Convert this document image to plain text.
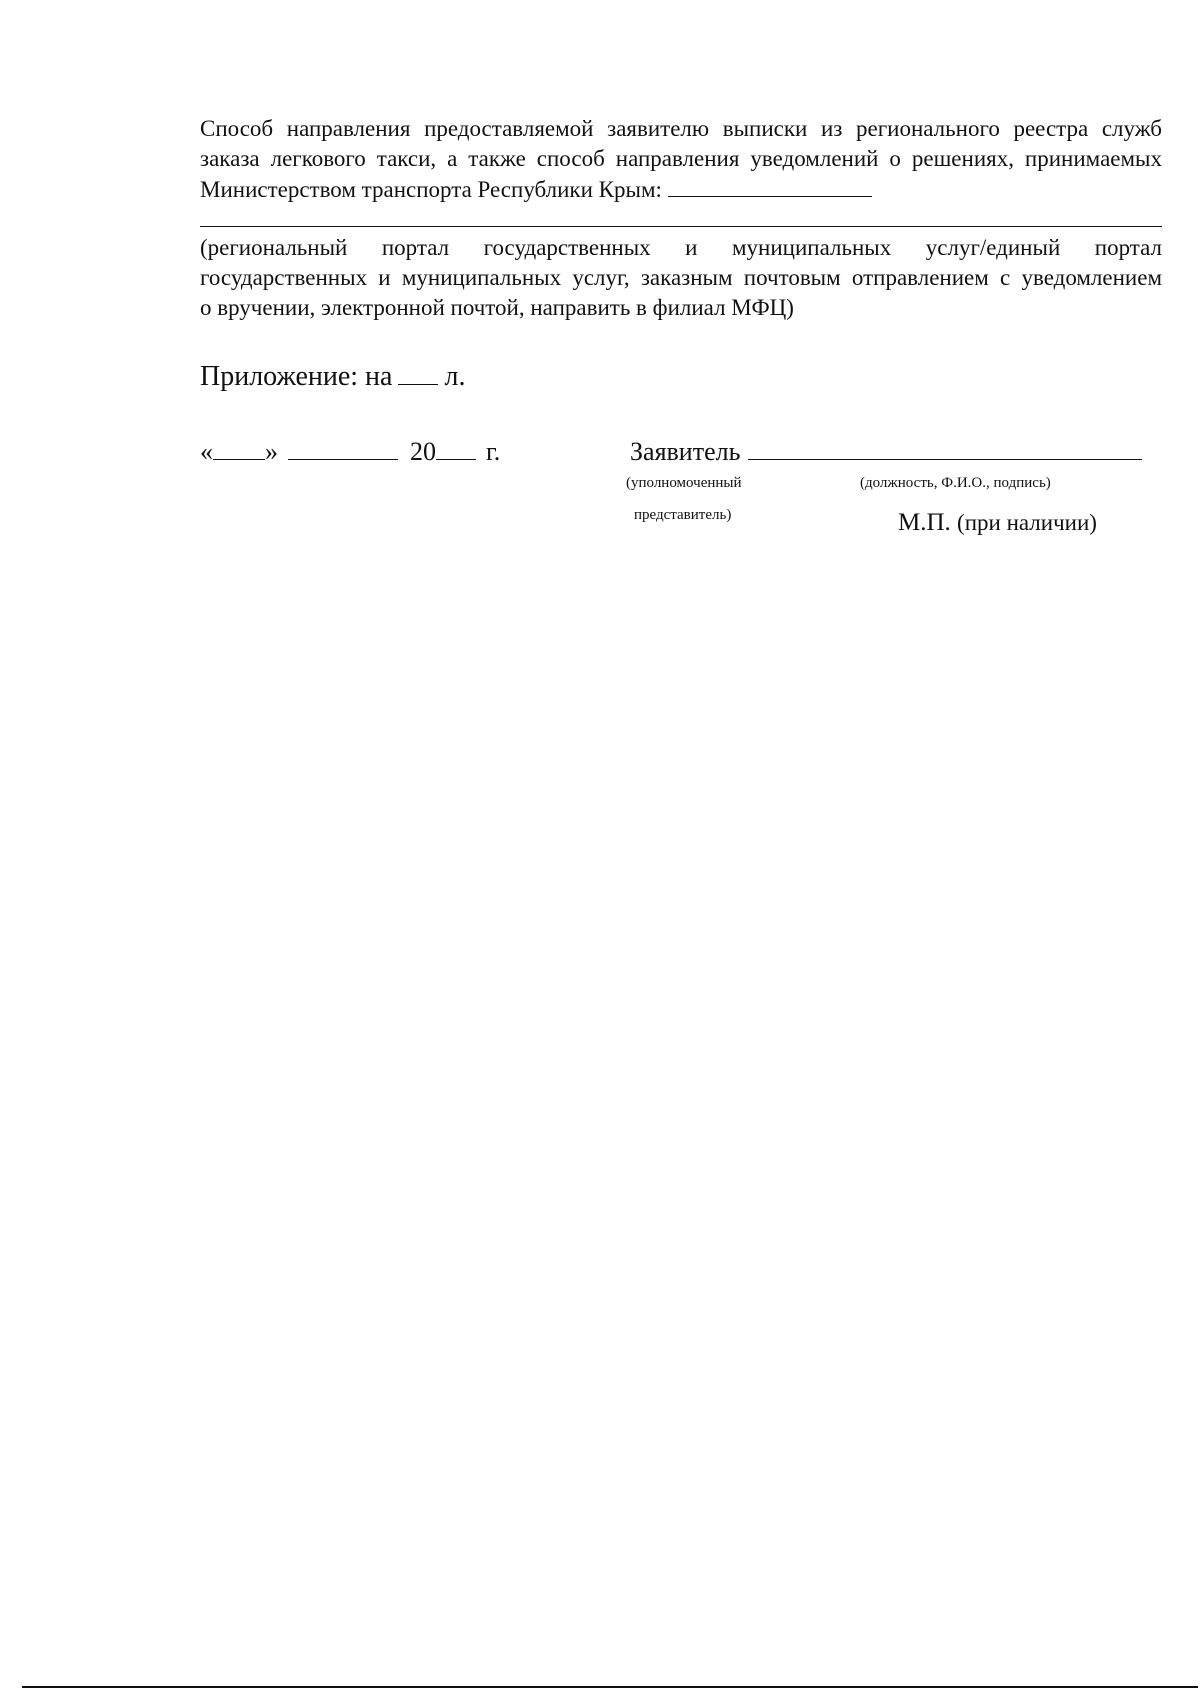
Способ направления предоставляемой заявителю выписки из регионального реестра служб
заказа легкового такси, а также способ направления уведомлений о решениях, принимаемых
Министерством транспорта Республики Крым:
(региональный портал государственных и муниципальных услуг/единый портал
государственных и муниципальных услуг, заказным почтовым отправлением с уведомлением
о вручении, электронной почтой, направить в филиал МФЦ)
Приложение: на л.
« »	20 г.	Заявитель
(уполномоченный
представитель)
(должность, Ф.И.О., подпись)
М.П. (при наличии)
